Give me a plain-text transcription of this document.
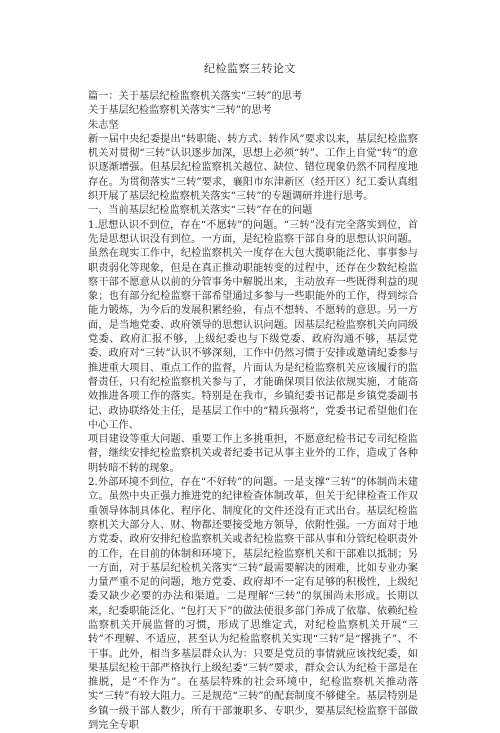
纪检监察三转论文

篇一：关于基层纪检监察机关落实“三转”的思考

关于基层纪检监察机关落实“三转”的思考

朱志坚

新一届中央纪委提出“转职能、转方式、转作风”要求以来，基层纪检监察机关对贯彻“三转”认识逐步加深，思想上必须“转”、工作上自觉“转”的意识逐渐增强。但基层纪检监察机关越位、缺位、错位现象仍然不同程度地存在。为贯彻落实“三转”要求，襄阳市东津新区（经开区）纪工委认真组织开展了基层纪检监察机关落实“三转”的专题调研并进行思考。

一、当前基层纪检监察机关落实“三转”存在的问题

1.思想认识不到位，存在“不愿转”的问题。“三转”没有完全落实到位，首先是思想认识没有到位。一方面，是纪检监察干部自身的思想认识问题。虽然在现实工作中，纪检监察机关一度存在大包大揽职能泛化、事事参与职责弱化等现象，但是在真正推动职能转变的过程中，还存在少数纪检监察干部不愿意从以前的分管事务中解脱出来，主动放弃一些既得利益的现象；也有部分纪检监察干部希望通过多参与一些职能外的工作，得到综合能力锻炼，为今后的发展积累经验，有点不想转、不愿转的意思。另一方面，是当地党委、政府领导的思想认识问题。因基层纪检监察机关向同级党委、政府汇报不够，上级纪委也与下级党委、政府沟通不够，基层党委、政府对“三转”认识不够深刻，工作中仍然习惯于安排或邀请纪委参与推进重大项目、重点工作的监督，片面认为是纪检监察机关应该履行的监督责任，只有纪检监察机关参与了，才能确保项目依法依规实施，才能高效推进各项工作的落实。特别是在我市，乡镇纪委书记都是乡镇党委副书记、政协联络处主任，是基层工作中的“精兵强将”，党委书记希望他们在中心工作、

项目建设等重大问题、重要工作上多挑重担，不愿意纪检书记专司纪检监督，继续安排纪检监察机关或者纪委书记从事主业外的工作，造成了各种明转暗不转的现象。

2.外部环境不到位，存在“不好转”的问题。一是支撑“三转”的体制尚未建立。虽然中央正强力推进党的纪律检查体制改革，但关于纪律检查工作双重领导体制具体化、程序化、制度化的文件还没有正式出台。基层纪检监察机关大部分人、财、物都还要接受地方领导，依附性强。一方面对于地方党委、政府安排纪检监察机关或者纪检监察干部从事和分管纪检职责外的工作，在目前的体制和环境下，基层纪检监察机关和干部难以抵制；另一方面，对于基层纪检机关落实“三转”最需要解决的困难，比如专业办案力量严重不足的问题，地方党委、政府却不一定有足够的积极性，上级纪委又缺少必要的办法和渠道。二是理解“三转”的氛围尚未形成。长期以来，纪委职能泛化、“包打天下”的做法使很多部门养成了依靠、依赖纪检监察机关开展监督的习惯，形成了思维定式，对纪检监察机关开展“三转”不理解、不适应，甚至认为纪检监察机关实现“三转”是“撂挑子”、不干事。此外，相当多基层群众认为：只要是党员的事情就应该找纪委，如果基层纪检干部严格执行上级纪委“三转”要求，群众会认为纪检干部是在推脱，是“不作为”。在基层特殊的社会环境中，纪检监察机关推动落实“三转”有较大阻力。三是规范“三转”的配套制度不够健全。基层特别是乡镇一级干部人数少，所有干部兼职多、专职少，要基层纪检监察干部做到完全专职
